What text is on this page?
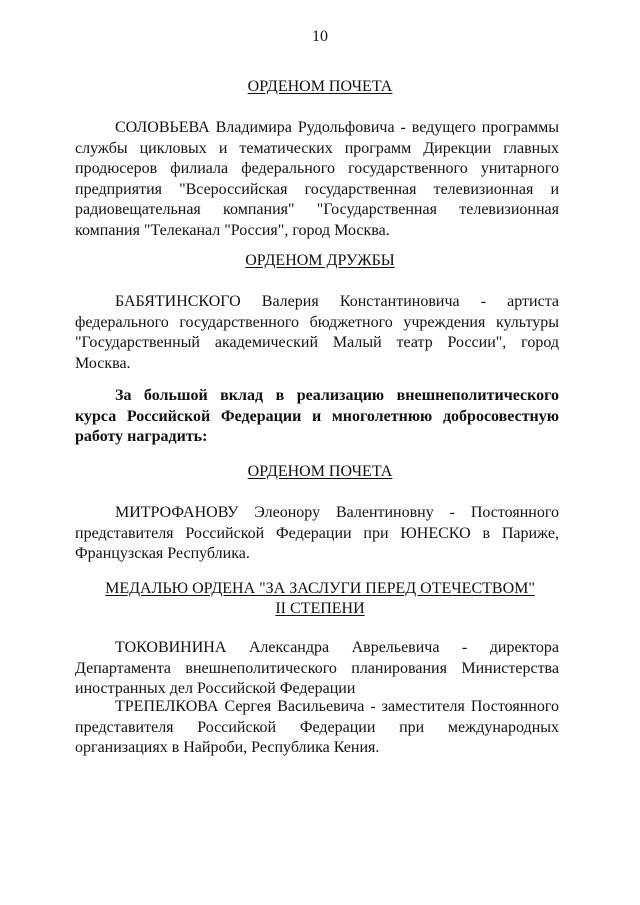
10
ОРДЕНОМ ПОЧЕТА
СОЛОВЬЕВА Владимира Рудольфовича - ведущего программы службы цикловых и тематических программ Дирекции главных продюсеров филиала федерального государственного унитарного предприятия "Всероссийская государственная телевизионная и радиовещательная компания" "Государственная телевизионная компания "Телеканал "Россия", город Москва.
ОРДЕНОМ ДРУЖБЫ
БАБЯТИНСКОГО Валерия Константиновича - артиста федерального государственного бюджетного учреждения культуры "Государственный академический Малый театр России", город Москва.
За большой вклад в реализацию внешнеполитического курса Российской Федерации и многолетнюю добросовестную работу наградить:
ОРДЕНОМ ПОЧЕТА
МИТРОФАНОВУ Элеонору Валентиновну - Постоянного представителя Российской Федерации при ЮНЕСКО в Париже, Французская Республика.
МЕДАЛЬЮ ОРДЕНА "ЗА ЗАСЛУГИ ПЕРЕД ОТЕЧЕСТВОМ"
II СТЕПЕНИ
ТОКОВИНИНА Александра Аврельевича - директора Департамента внешнеполитического планирования Министерства иностранных дел Российской Федерации
ТРЕПЕЛКОВА Сергея Васильевича - заместителя Постоянного представителя Российской Федерации при международных организациях в Найроби, Республика Кения.
